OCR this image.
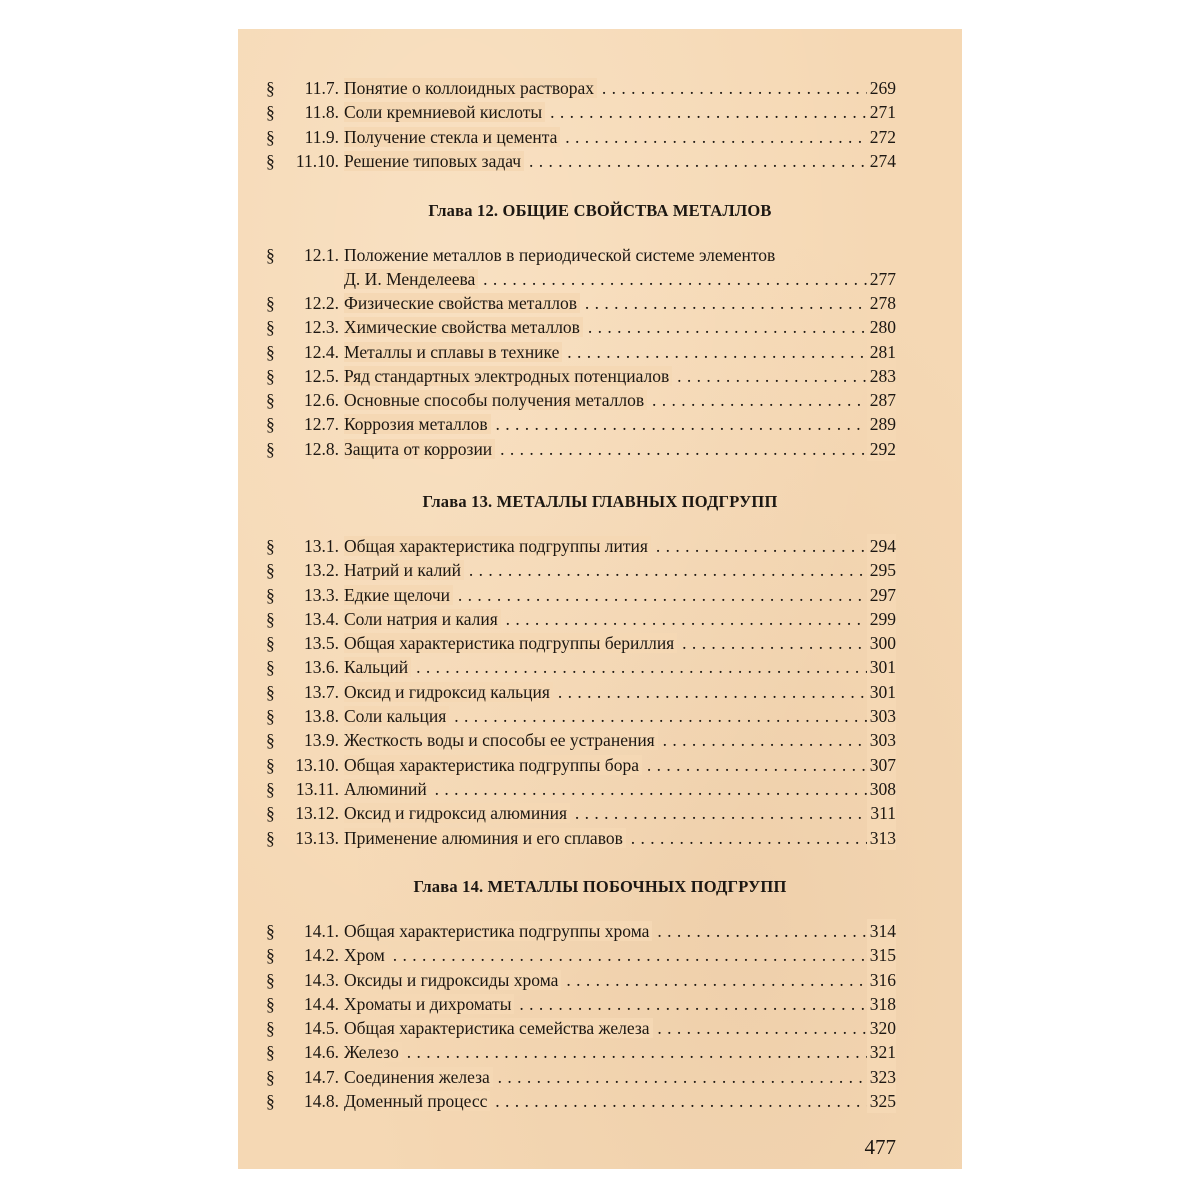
§	11.7. Понятие о коллоидных растворах . . .	269
§	11.8. Соли кремниевой кислоты . . .	271
§	11.9. Получение стекла и цемента . . .	272
§	11.10. Решение типовых задач . . .	274
Глава 12. ОБЩИЕ СВОЙСТВА МЕТАЛЛОВ
§	12.1. Положение металлов в периодической системе элементов
Д. И. Менделеева . . .	277
§	12.2. Физические свойства металлов . . .	278
§	12.3. Химические свойства металлов . . .	280
§	12.4. Металлы и сплавы в технике . . .	281
§	12.5. Ряд стандартных электродных потенциалов . . .	283
§	12.6. Основные способы получения металлов . . .	287
§	12.7. Коррозия металлов . . .	289
§	12.8. Защита от коррозии . . .	292
Глава 13. МЕТАЛЛЫ ГЛАВНЫХ ПОДГРУПП
§	13.1. Общая характеристика подгруппы лития . . .	294
§	13.2. Натрий и калий . . .	295
§	13.3. Едкие щелочи . . .	297
§	13.4. Соли натрия и калия . . .	299
§	13.5. Общая характеристика подгруппы бериллия . . .	300
§	13.6. Кальций . . .	301
§	13.7. Оксид и гидроксид кальция . . .	301
§	13.8. Соли кальция . . .	303
§	13.9. Жесткость воды и способы ее устранения . . .	303
§	13.10. Общая характеристика подгруппы бора . . .	307
§	13.11. Алюминий . . .	308
§	13.12. Оксид и гидроксид алюминия . . .	311
§	13.13. Применение алюминия и его сплавов . . .	313
Глава 14. МЕТАЛЛЫ ПОБОЧНЫХ ПОДГРУПП
§	14.1. Общая характеристика подгруппы хрома . . .	314
§	14.2. Хром . . .	315
§	14.3. Оксиды и гидроксиды хрома . . .	316
§	14.4. Хроматы и дихроматы . . .	318
§	14.5. Общая характеристика семейства железа . . .	320
§	14.6. Железо . . .	321
§	14.7. Соединения железа . . .	323
§	14.8. Доменный процесс . . .	325
477
